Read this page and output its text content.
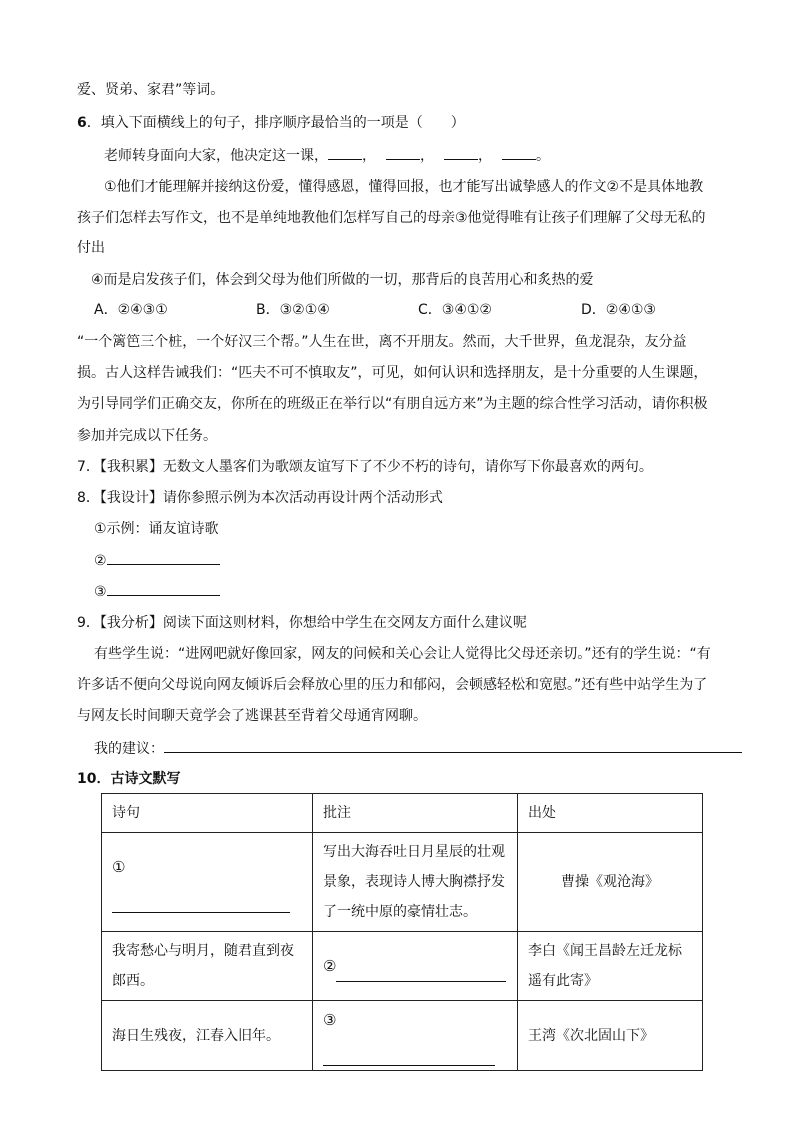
爱、贤弟、家君”等词。
6．填入下面横线上的句子，排序顺序最恰当的一项是（　　）
老师转身面向大家，他决定这一课， ，	，	，	。
①他们才能理解并接纳这份爱，懂得感恩，懂得回报，也才能写出诚挚感人的作文②不是具体地教
孩子们怎样去写作文，也不是单纯地教他们怎样写自己的母亲③他觉得唯有让孩子们理解了父母无私的
付出
④而是启发孩子们，体会到父母为他们所做的一切，那背后的良苦用心和炙热的爱
A．②④③①	B．③②①④	C．③④①②	D．②④①③
“一个篱笆三个桩，一个好汉三个帮。”人生在世，离不开朋友。然而，大千世界，鱼龙混杂，友分益
损。古人这样告诫我们：“匹夫不可不慎取友”，可见，如何认识和选择朋友，是十分重要的人生课题，
为引导同学们正确交友，你所在的班级正在举行以“有朋自远方来”为主题的综合性学习活动，请你积极
参加并完成以下任务。
7．【我积累】无数文人墨客们为歌颂友谊写下了不少不朽的诗句，请你写下你最喜欢的两句。
8．【我设计】请你参照示例为本次活动再设计两个活动形式
①示例：诵友谊诗歌
②
③
9．【我分析】阅读下面这则材料，你想给中学生在交网友方面什么建议呢
有些学生说：“进网吧就好像回家，网友的问候和关心会让人觉得比父母还亲切。”还有的学生说：“有
许多话不便向父母说向网友倾诉后会释放心里的压力和郁闷，会顿感轻松和宽慰。”还有些中站学生为了
与网友长时间聊天竟学会了逃课甚至背着父母通宵网聊。
我的建议：
10．古诗文默写
诗句	批注	出处
①	写出大海吞吐日月星辰的壮观景象，表现诗人博大胸襟抒发了一统中原的豪情壮志。	曹操《观沧海》
我寄愁心与明月，随君直到夜郎西。	②	李白《闻王昌龄左迁龙标遥有此寄》
海日生残夜，江春入旧年。	③	王湾《次北固山下》
